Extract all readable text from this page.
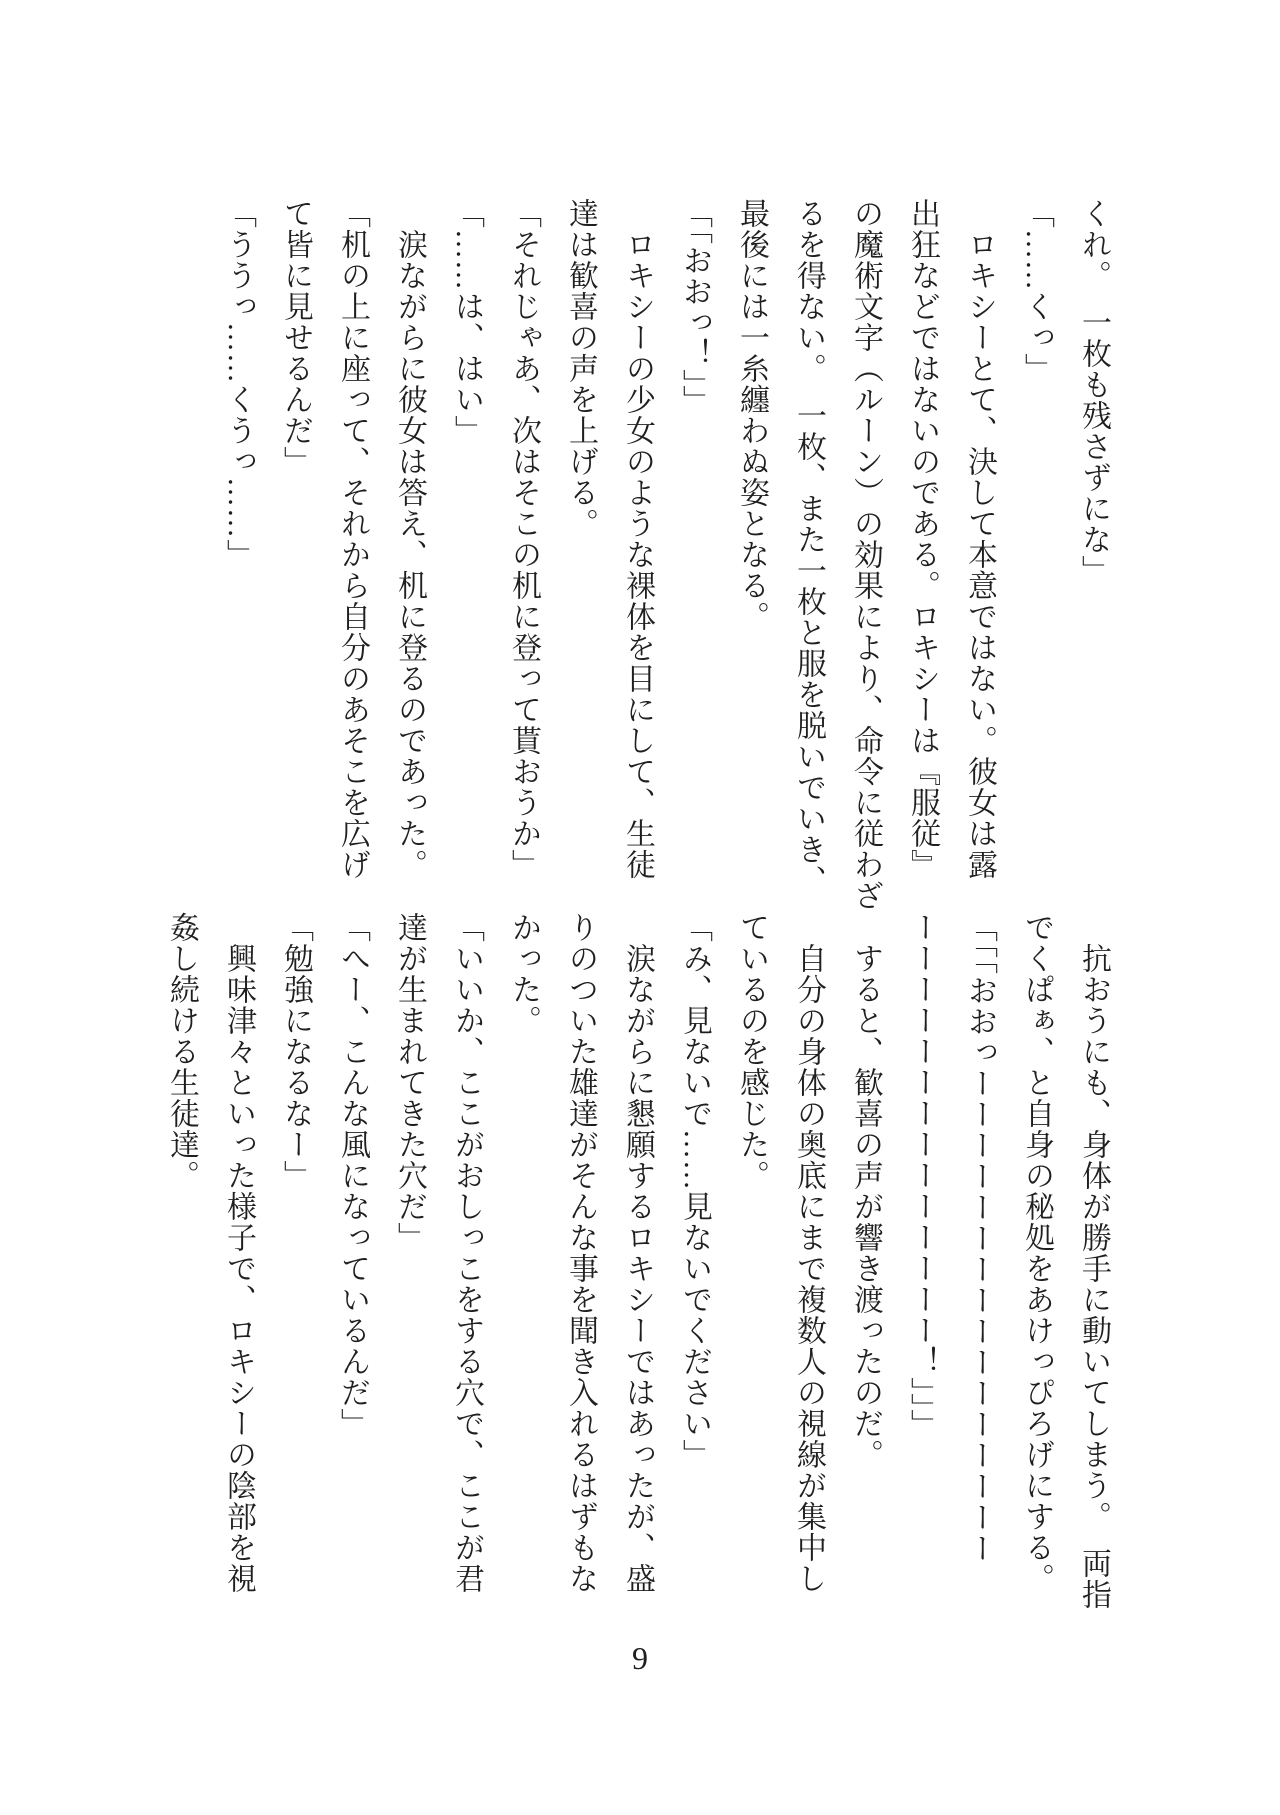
くれ。　一枚も残さずにな」
「……くっ」
　ロキシーとて、決して本意ではない。彼女は露
出狂などではないのである。ロキシーは『服従』
の魔術文字（ルーン）の効果により、命令に従わざ
るを得ない。　一枚、また一枚と服を脱いでいき、
最後には一糸纏わぬ姿となる。
「「おおっ！」」
　ロキシーの少女のような裸体を目にして、生徒
達は歓喜の声を上げる。
「それじゃあ、次はそこの机に登って貰おうか」
「……は、はい」
　涙ながらに彼女は答え、机に登るのであった。
「机の上に座って、それから自分のあそこを広げ
て皆に見せるんだ」
「ううっ……くうっ……」
　抗おうにも、身体が勝手に動いてしまう。　両指
でくぱぁ、と自身の秘処をあけっぴろげにする。
「「「おおっーーーーーーーーーーーーーーーー
ーーーーーーーーーーーーーー！」」」
　すると、歓喜の声が響き渡ったのだ。
　自分の身体の奥底にまで複数人の視線が集中し
ているのを感じた。
「み、見ないで……見ないでください」
　涙ながらに懇願するロキシーではあったが、盛
りのついた雄達がそんな事を聞き入れるはずもな
かった。
「いいか、ここがおしっこをする穴で、ここが君
達が生まれてきた穴だ」
「へー、こんな風になっているんだ」
「勉強になるなー」
　興味津々といった様子で、ロキシーの陰部を視
姦し続ける生徒達。
9
